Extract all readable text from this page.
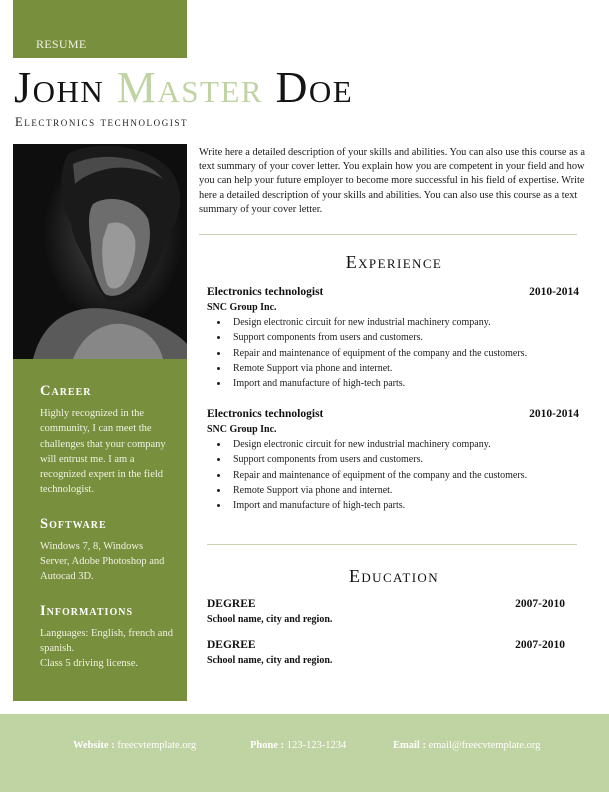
RESUME
John Master Doe
Electronics technologist
Career

Highly recognized in the community, I can meet the challenges that your company will entrust me. I am a recognized expert in the field technologist.

Software

Windows 7, 8, Windows Server, Adobe Photoshop and Autocad 3D.

Informations

Languages: English, french and spanish.
Class 5 driving license.

Write here a detailed description of your skills and abilities. You can also use this course as a text summary of your cover letter. You explain how you are competent in your field and how you can help your future employer to become more successful in his field of expertise. Write here a detailed description of your skills and abilities. You can also use this course as a text summary of your cover letter.

Experience
Electronics technologist	2010-2014
SNC Group Inc.
• Design electronic circuit for new industrial machinery company.
• Support components from users and customers.
• Repair and maintenance of equipment of the company and the customers.
• Remote Support via phone and internet.
• Import and manufacture of high-tech parts.
Electronics technologist	2010-2014
SNC Group Inc.
• Design electronic circuit for new industrial machinery company.
• Support components from users and customers.
• Repair and maintenance of equipment of the company and the customers.
• Remote Support via phone and internet.
• Import and manufacture of high-tech parts.
Education
DEGREE	2007-2010
School name, city and region.
DEGREE	2007-2010
School name, city and region.
Website : freecvtemplate.org	Phone : 123-123-1234	Email : email@freecvtemplate.org
